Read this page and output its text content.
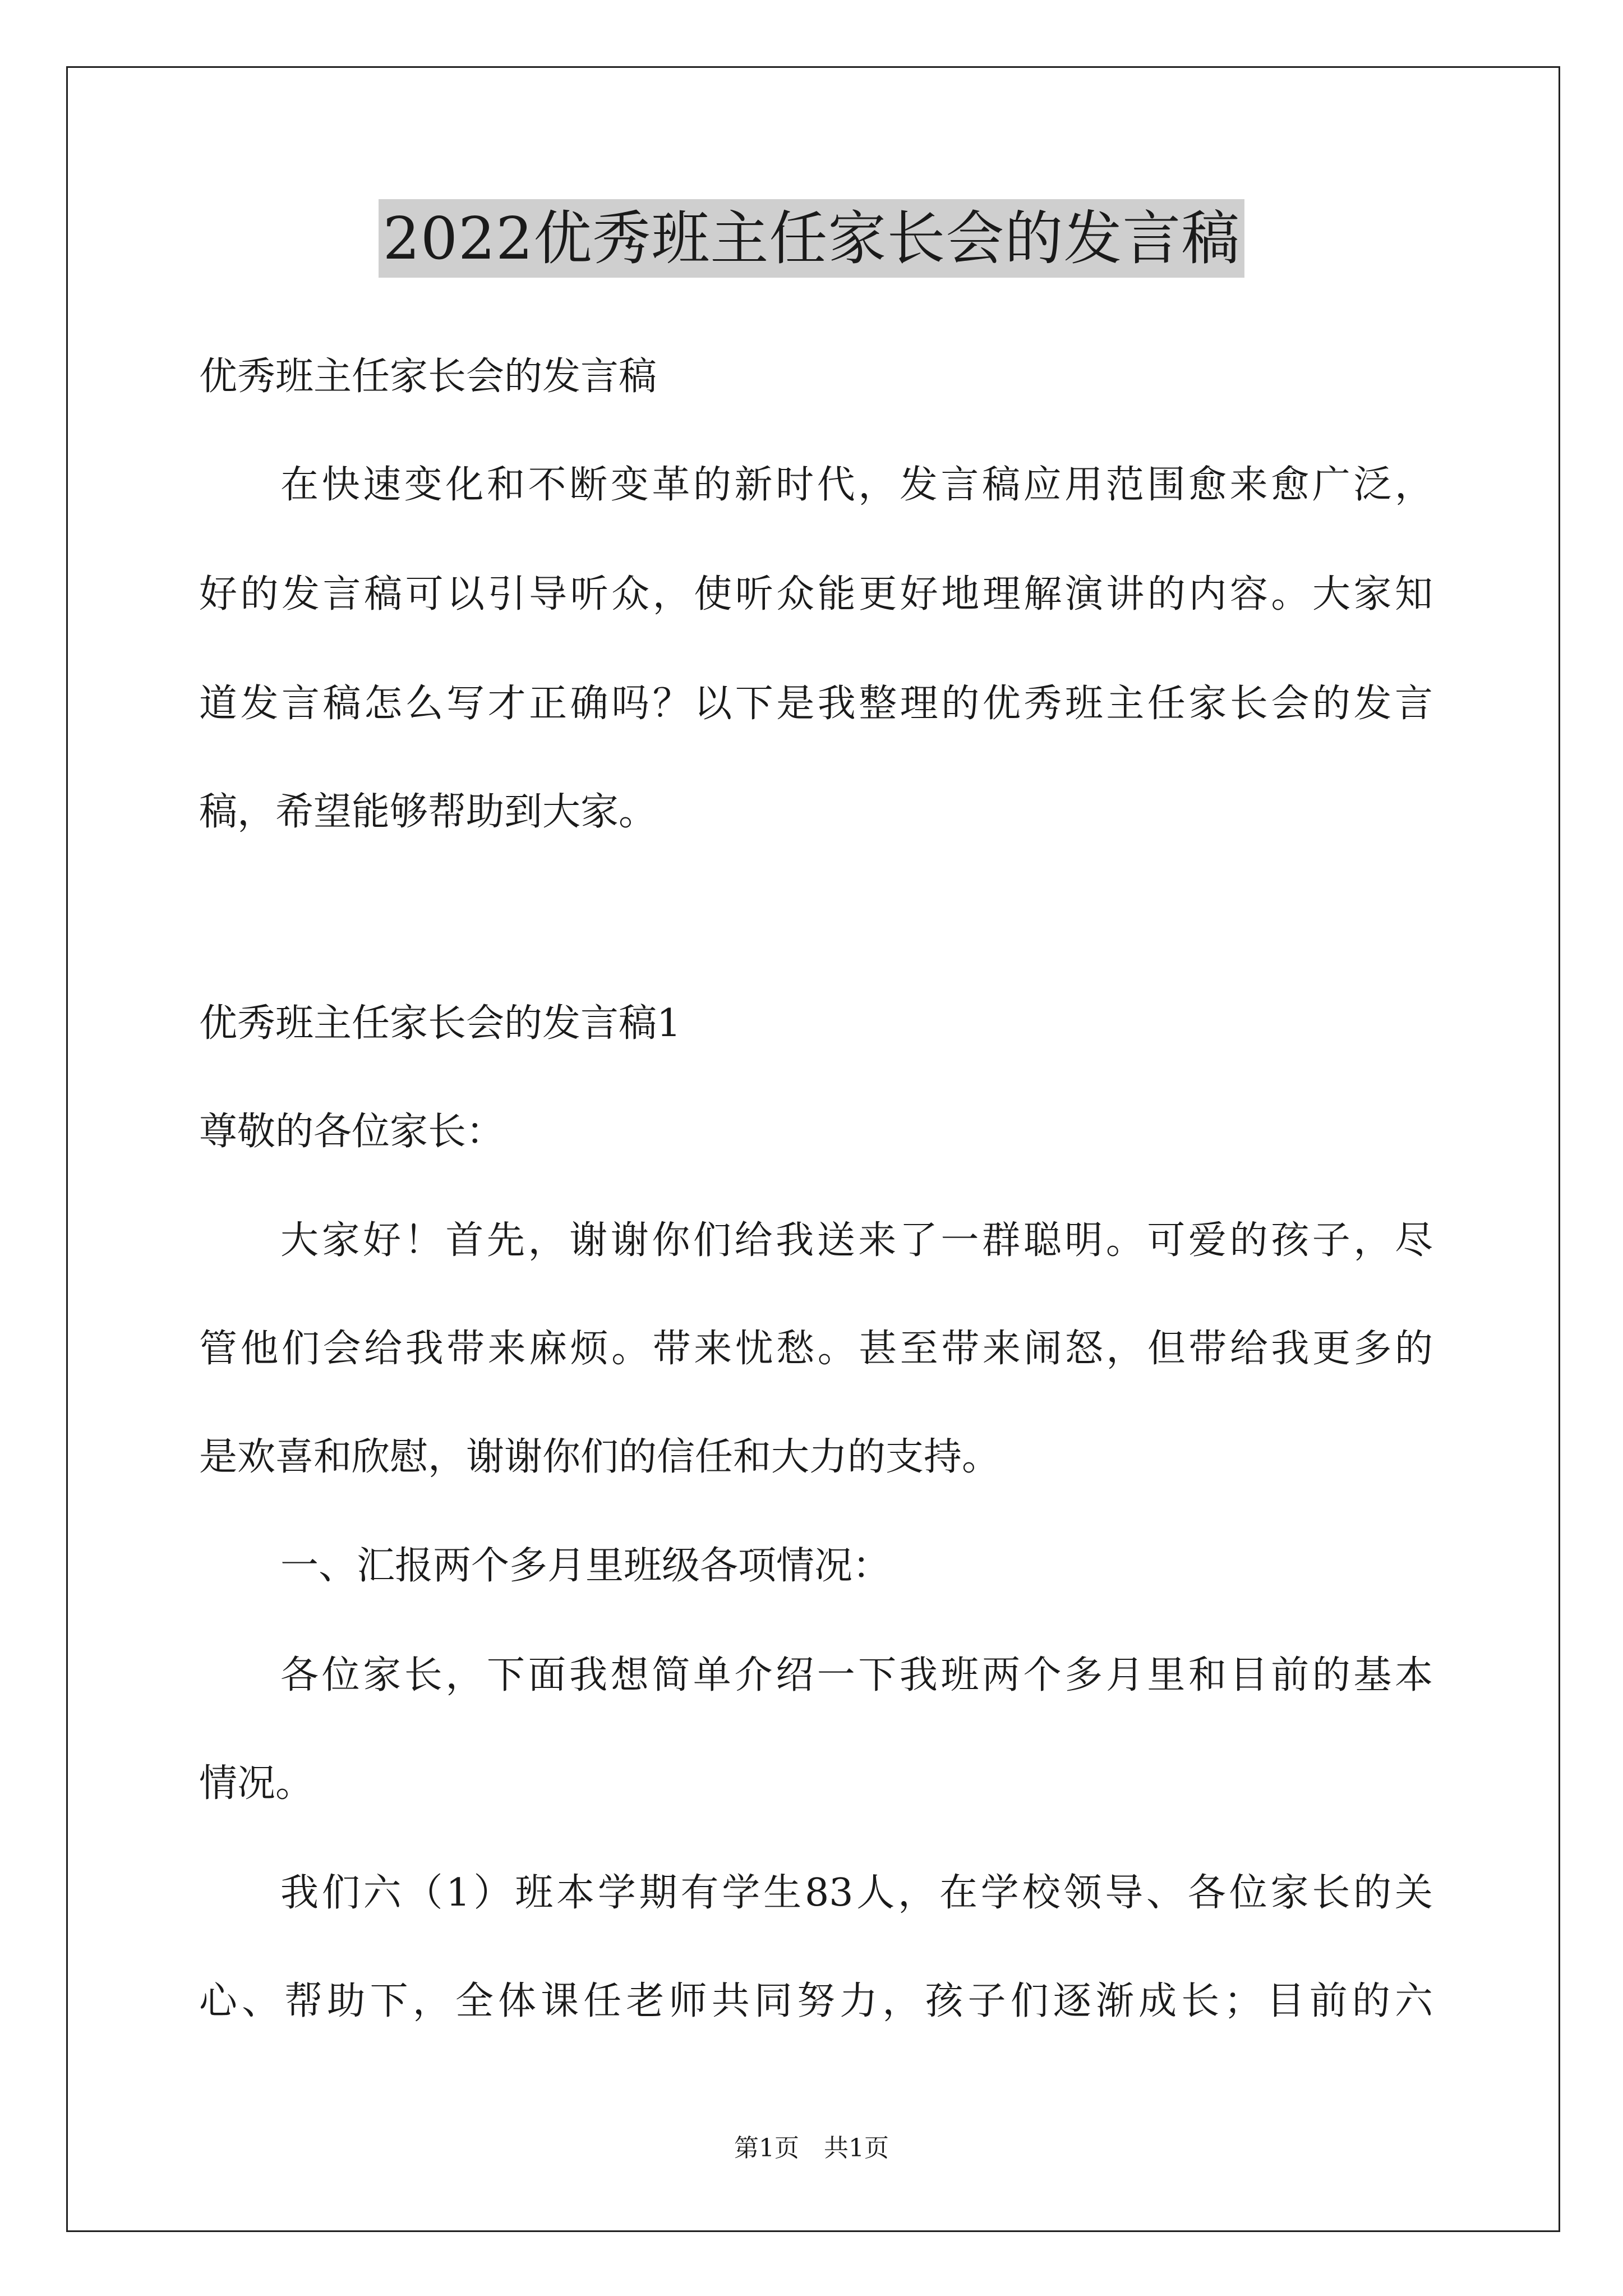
2022优秀班主任家长会的发言稿
优秀班主任家长会的发言稿
在快速变化和不断变革的新时代，发言稿应用范围愈来愈广泛，
好的发言稿可以引导听众，使听众能更好地理解演讲的内容。大家知
道发言稿怎么写才正确吗？以下是我整理的优秀班主任家长会的发言
稿，希望能够帮助到大家。
优秀班主任家长会的发言稿1
尊敬的各位家长：
大家好！首先，谢谢你们给我送来了一群聪明。可爱的孩子，尽
管他们会给我带来麻烦。带来忧愁。甚至带来闹怒，但带给我更多的
是欢喜和欣慰，谢谢你们的信任和大力的支持。
一、汇报两个多月里班级各项情况：
各位家长，下面我想简单介绍一下我班两个多月里和目前的基本
情况。
我们六（1）班本学期有学生83人，在学校领导、各位家长的关
心、帮助下，全体课任老师共同努力，孩子们逐渐成长；目前的六
第1页　共1页
